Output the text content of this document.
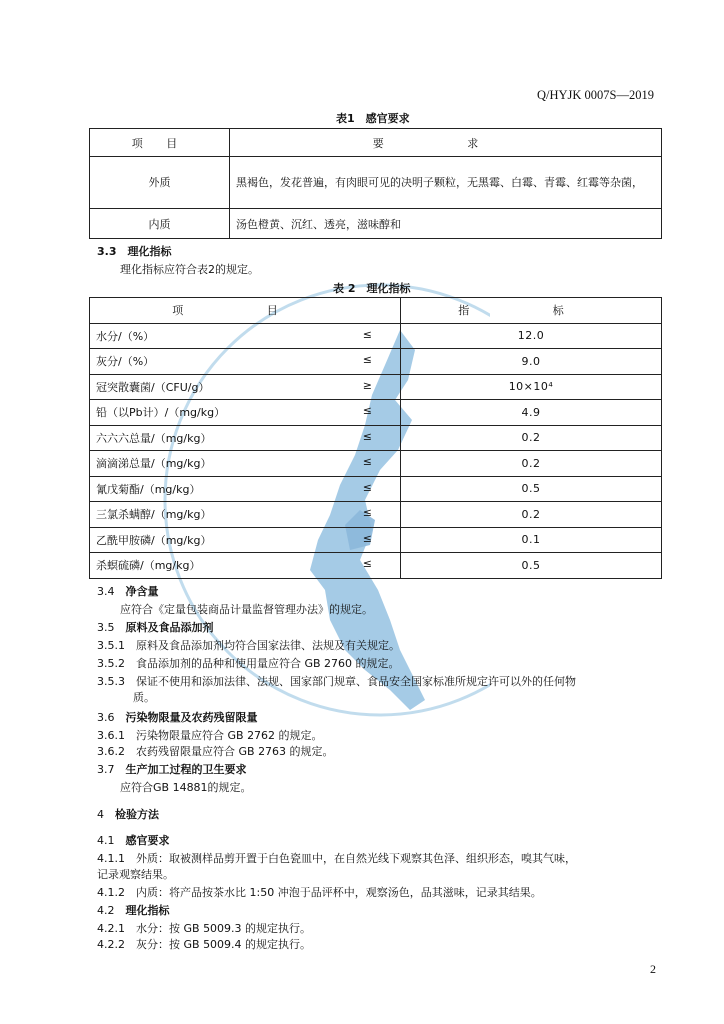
Q/HYJK 0007S—2019
表1　感官要求
项 目	要 求
外质	黑褐色，发花普遍，有肉眼可见的决明子颗粒，无黑霉、白霉、青霉、红霉等杂菌，
内质	汤色橙黄、沉红、透亮，滋味醇和
3.3　理化指标
理化指标应符合表2的规定。
表 2　理化指标
项 目	指 标
水分/（%） ≤	12.0
灰分/（%） ≤	9.0
冠突散囊菌/（CFU/g） ≥	10×10⁴
铅（以Pb计）/（mg/kg） ≤	4.9
六六六总量/（mg/kg） ≤	0.2
滴滴涕总量/（mg/kg） ≤	0.2
氰戊菊酯/（mg/kg） ≤	0.5
三氯杀螨醇/（mg/kg） ≤	0.2
乙酰甲胺磷/（mg/kg） ≤	0.1
杀螟硫磷/（mg/kg） ≤	0.5
3.4　 净含量
应符合《定量包装商品计量监督管理办法》的规定。
3.5　 原料及食品添加剂
3.5.1　 原料及食品添加剂均符合国家法律、法规及有关规定。
3.5.2　 食品添加剂的品种和使用量应符合 GB 2760 的规定。
3.5.3　 保证不使用和添加法律、法规、国家部门规章、食品安全国家标准所规定许可以外的任何物
质。
3.6　 污染物限量及农药残留限量
3.6.1　 污染物限量应符合 GB 2762 的规定。
3.6.2　 农药残留限量应符合 GB 2763 的规定。
3.7　 生产加工过程的卫生要求
应符合GB 14881的规定。
4　 检验方法
4.1　 感官要求
4.1.1　 外质：取被测样品剪开置于白色瓷皿中，在自然光线下观察其色泽、组织形态，嗅其气味，
记录观察结果。
4.1.2　 内质：将产品按茶水比 1:50 冲泡于品评杯中，观察汤色，品其滋味，记录其结果。
4.2　 理化指标
4.2.1　 水分：按 GB 5009.3 的规定执行。
4.2.2　 灰分：按 GB 5009.4 的规定执行。
2
